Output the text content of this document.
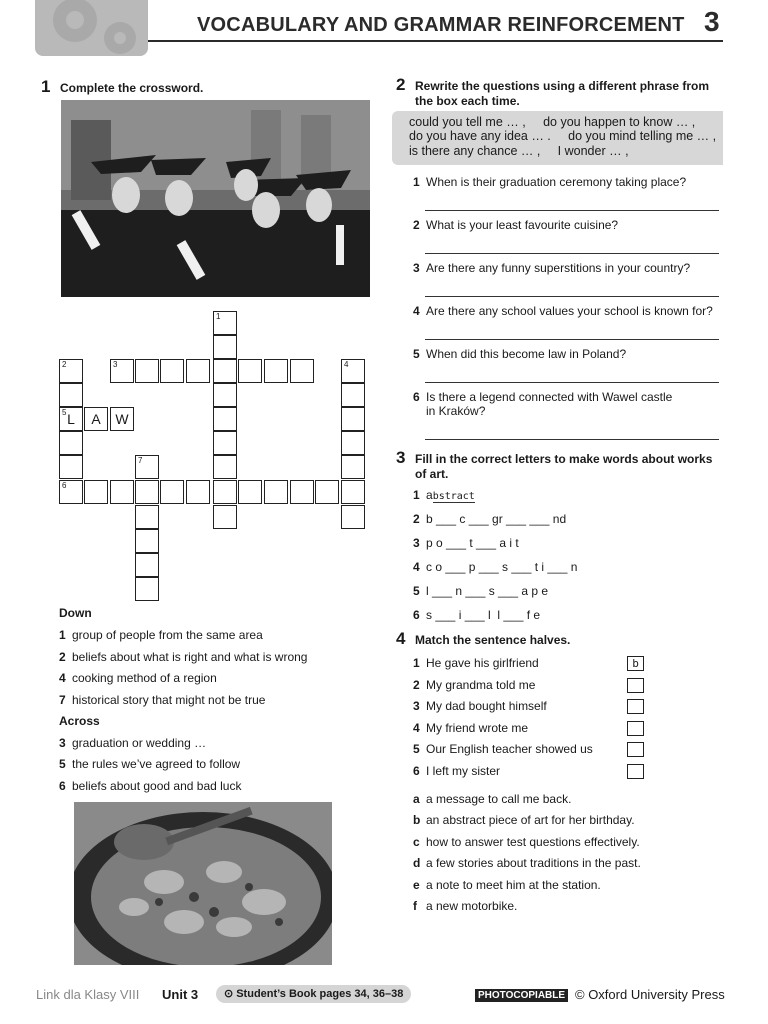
VOCABULARY AND GRAMMAR REINFORCEMENT 3
1 Complete the crossword.
1
3
2
5 L	A	W
4
7
6
Down
1 group of people from the same area
2 beliefs about what is right and what is wrong
4 cooking method of a region
7 historical story that might not be true
Across
3 graduation or wedding …
5 the rules we’ve agreed to follow
6 beliefs about good and bad luck
2 Rewrite the questions using a different phrase from the box each time.
could you tell me … ,     do you happen to know … ,
do you have any idea … .     do you mind telling me … ,
is there any chance … ,     I wonder … ,
1 When is their graduation ceremony taking place?
2 What is your least favourite cuisine?
3 Are there any funny superstitions in your country?
4 Are there any school values your school is known for?
5 When did this become law in Poland?
6 Is there a legend connected with Wawel castle
in Kraków?
3 Fill in the correct letters to make words about works of art.
1 abstract
2 b ___ c ___ gr ___ ___ nd
3 p o ___ t ___ a i t
4 c o ___ p ___ s ___ t i ___ n
5 l ___ n ___ s ___ a p e
6 s ___ i ___ l  l ___ f e
4 Match the sentence halves.
1 He gave his girlfriend	b
2 My grandma told me
3 My dad bought himself
4 My friend wrote me
5 Our English teacher showed us
6 I left my sister
a a message to call me back.
b an abstract piece of art for her birthday.
c how to answer test questions effectively.
d a few stories about traditions in the past.
e a note to meet him at the station.
f a new motorbike.
Link dla Klasy VIII Unit 3	⊙ Student’s Book pages 34, 36–38	PHOTOCOPIABLE © Oxford University Press
